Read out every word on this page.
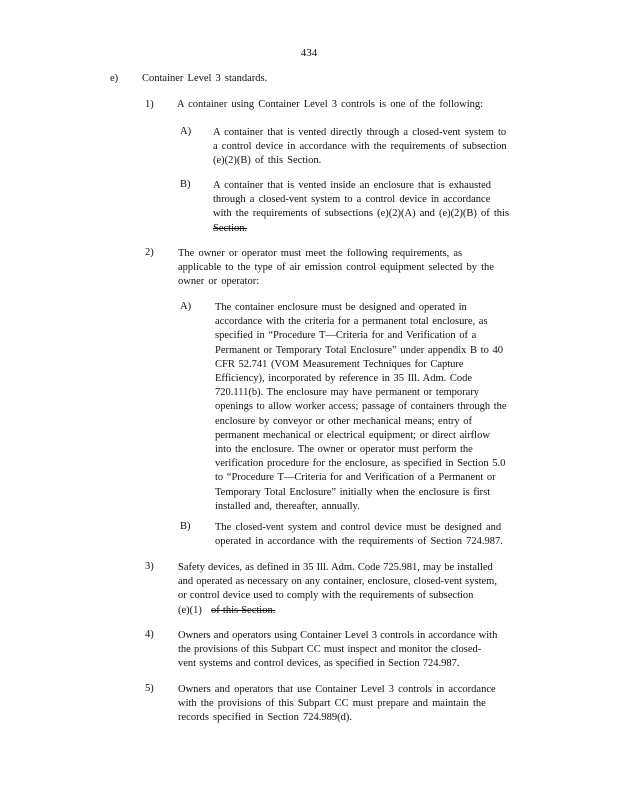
434
e) Container Level 3 standards.
1) A container using Container Level 3 controls is one of the following:
A) A container that is vented directly through a closed-vent system to
a control device in accordance with the requirements of subsection
(e)(2)(B) of this Section.
B) A container that is vented inside an enclosure that is exhausted
through a closed-vent system to a control device in accordance
with the requirements of subsections (e)(2)(A) and (e)(2)(B) of this
Section.
2) The owner or operator must meet the following requirements, as
applicable to the type of air emission control equipment selected by the
owner or operator:
A) The container enclosure must be designed and operated in
accordance with the criteria for a permanent total enclosure, as
specified in “Procedure T—Criteria for and Verification of a
Permanent or Temporary Total Enclosure” under appendix B to 40
CFR 52.741 (VOM Measurement Techniques for Capture
Efficiency), incorporated by reference in 35 Ill. Adm. Code
720.111(b). The enclosure may have permanent or temporary
openings to allow worker access; passage of containers through the
enclosure by conveyor or other mechanical means; entry of
permanent mechanical or electrical equipment; or direct airflow
into the enclosure. The owner or operator must perform the
verification procedure for the enclosure, as specified in Section 5.0
to “Procedure T—Criteria for and Verification of a Permanent or
Temporary Total Enclosure” initially when the enclosure is first
installed and, thereafter, annually.
B) The closed-vent system and control device must be designed and
operated in accordance with the requirements of Section 724.987.
3) Safety devices, as defined in 35 Ill. Adm. Code 725.981, may be installed
and operated as necessary on any container, enclosure, closed-vent system,
or control device used to comply with the requirements of subsection
(e)(1) of this Section.
4) Owners and operators using Container Level 3 controls in accordance with
the provisions of this Subpart CC must inspect and monitor the closed-
vent systems and control devices, as specified in Section 724.987.
5) Owners and operators that use Container Level 3 controls in accordance
with the provisions of this Subpart CC must prepare and maintain the
records specified in Section 724.989(d).
